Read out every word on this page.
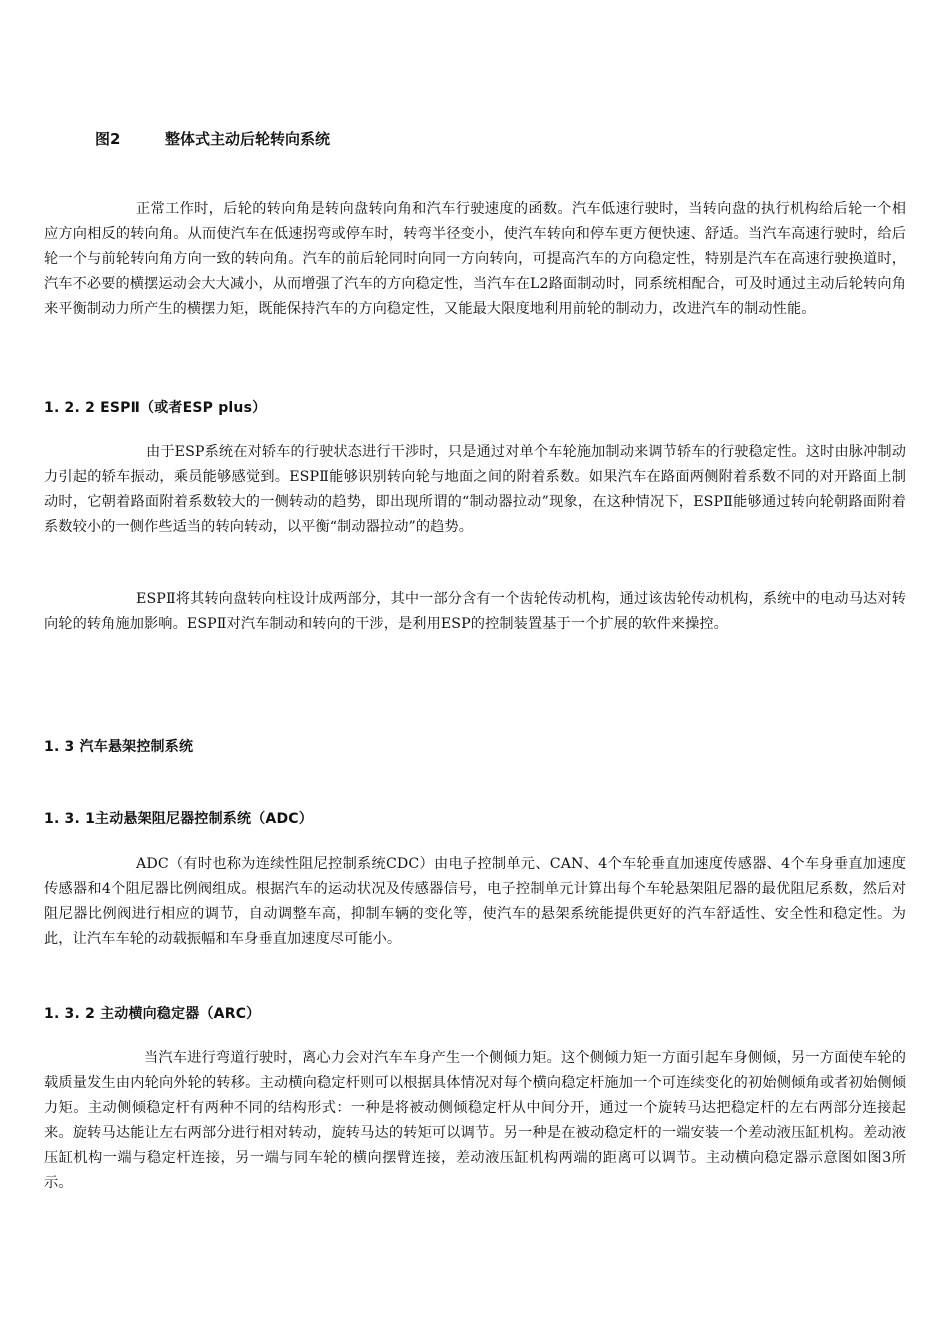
图2	整体式主动后轮转向系统

正常工作时，后轮的转向角是转向盘转向角和汽车行驶速度的函数。汽车低速行驶时，当转向盘的执行机构给后轮一个相应方向相反的转向角。从而使汽车在低速拐弯或停车时，转弯半径变小，使汽车转向和停车更方便快速、舒适。当汽车高速行驶时，给后轮一个与前轮转向角方向一致的转向角。汽车的前后轮同时向同一方向转向，可提高汽车的方向稳定性，特别是汽车在高速行驶换道时，汽车不必要的横摆运动会大大减小，从而增强了汽车的方向稳定性，当汽车在L2路面制动时，同系统相配合，可及时通过主动后轮转向角来平衡制动力所产生的横摆力矩，既能保持汽车的方向稳定性，又能最大限度地利用前轮的制动力，改进汽车的制动性能。

1. 2. 2 ESPⅡ（或者ESP plus）

由于ESP系统在对轿车的行驶状态进行干涉时，只是通过对单个车轮施加制动来调节轿车的行驶稳定性。这时由脉冲制动力引起的轿车振动，乘员能够感觉到。ESPⅡ能够识别转向轮与地面之间的附着系数。如果汽车在路面两侧附着系数不同的对开路面上制动时，它朝着路面附着系数较大的一侧转动的趋势，即出现所谓的“制动器拉动”现象，在这种情况下，ESPⅡ能够通过转向轮朝路面附着系数较小的一侧作些适当的转向转动，以平衡“制动器拉动”的趋势。

ESPⅡ将其转向盘转向柱设计成两部分，其中一部分含有一个齿轮传动机构，通过该齿轮传动机构，系统中的电动马达对转向轮的转角施加影响。ESPⅡ对汽车制动和转向的干涉，是利用ESP的控制装置基于一个扩展的软件来操控。

1. 3 汽车悬架控制系统
1. 3. 1主动悬架阻尼器控制系统（ADC）

ADC（有时也称为连续性阻尼控制系统CDC）由电子控制单元、CAN、4个车轮垂直加速度传感器、4个车身垂直加速度传感器和4个阻尼器比例阀组成。根据汽车的运动状况及传感器信号，电子控制单元计算出每个车轮悬架阻尼器的最优阻尼系数，然后对阻尼器比例阀进行相应的调节，自动调整车高，抑制车辆的变化等，使汽车的悬架系统能提供更好的汽车舒适性、安全性和稳定性。为此，让汽车车轮的动载振幅和车身垂直加速度尽可能小。

1. 3. 2 主动横向稳定器（ARC）

当汽车进行弯道行驶时，离心力会对汽车车身产生一个侧倾力矩。这个侧倾力矩一方面引起车身侧倾，另一方面使车轮的载质量发生由内轮向外轮的转移。主动横向稳定杆则可以根据具体情况对每个横向稳定杆施加一个可连续变化的初始侧倾角或者初始侧倾力矩。主动侧倾稳定杆有两种不同的结构形式：一种是将被动侧倾稳定杆从中间分开，通过一个旋转马达把稳定杆的左右两部分连接起来。旋转马达能让左右两部分进行相对转动，旋转马达的转矩可以调节。另一种是在被动稳定杆的一端安装一个差动液压缸机构。差动液压缸机构一端与稳定杆连接，另一端与同车轮的横向摆臂连接，差动液压缸机构两端的距离可以调节。主动横向稳定器示意图如图3所示。
